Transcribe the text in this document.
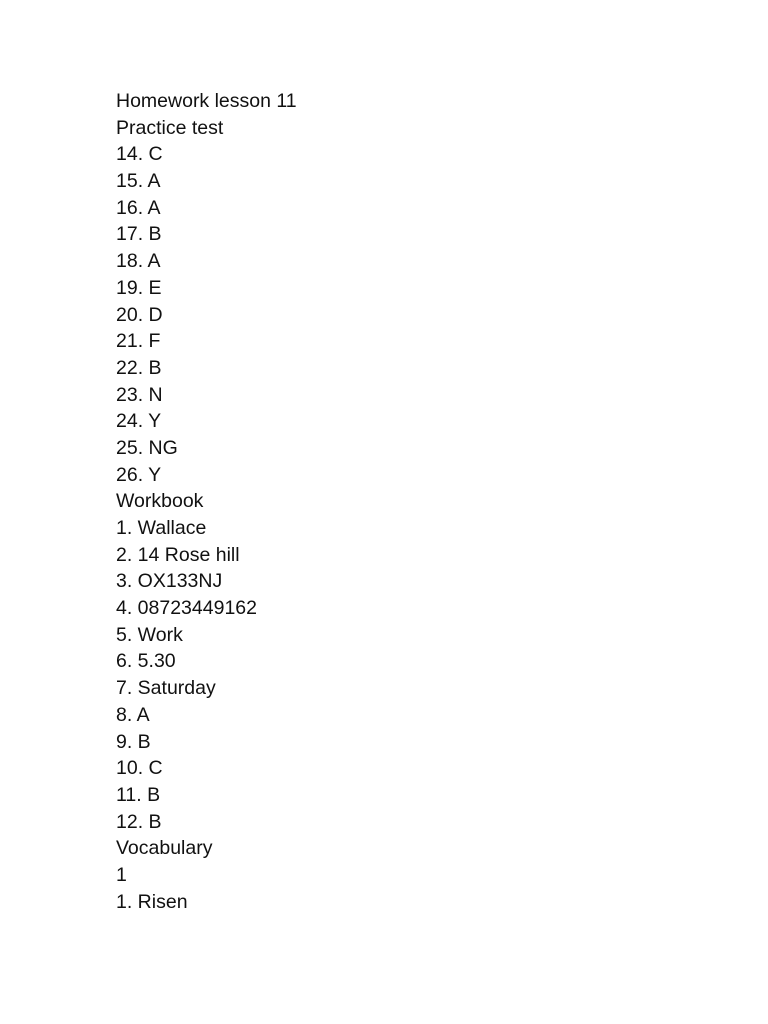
Homework lesson 11
Practice test
14. C
15. A
16. A
17. B
18. A
19. E
20. D
21. F
22. B
23. N
24. Y
25. NG
26. Y
Workbook
1. Wallace
2. 14 Rose hill
3. OX133NJ
4. 08723449162
5. Work
6. 5.30
7. Saturday
8. A
9. B
10. C
11. B
12. B
Vocabulary
1
1. Risen
